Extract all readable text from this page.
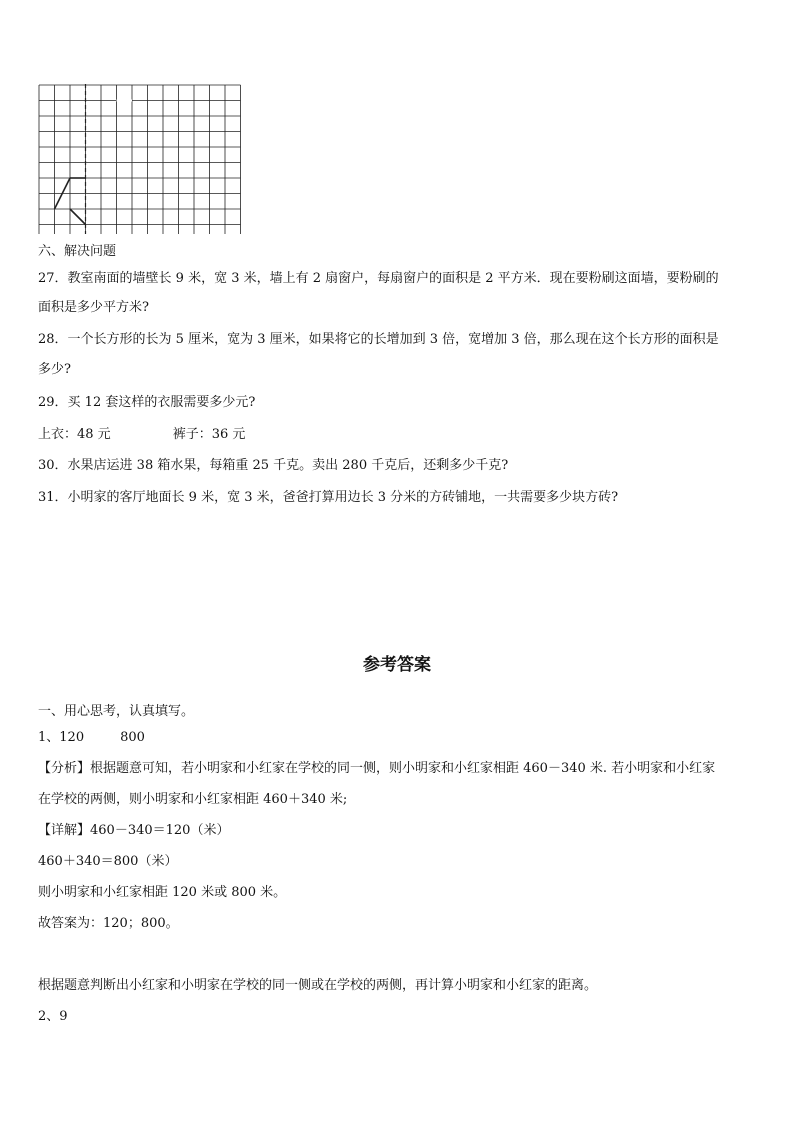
六、解决问题
27．教室南面的墙壁长 9 米，宽 3 米，墙上有 2 扇窗户，每扇窗户的面积是 2 平方米．现在要粉刷这面墙，要粉刷的
面积是多少平方米?
28．一个长方形的长为 5 厘米，宽为 3 厘米，如果将它的长增加到 3 倍，宽增加 3 倍，那么现在这个长方形的面积是
多少?
29．买 12 套这样的衣服需要多少元?
上衣：48 元	裤子：36 元
30．水果店运进 38 箱水果，每箱重 25 千克。卖出 280 千克后，还剩多少千克?
31．小明家的客厅地面长 9 米，宽 3 米，爸爸打算用边长 3 分米的方砖铺地，一共需要多少块方砖?
参考答案
一、用心思考，认真填写。
1、120	800
【分析】根据题意可知，若小明家和小红家在学校的同一侧，则小明家和小红家相距 460－340 米. 若小明家和小红家
在学校的两侧，则小明家和小红家相距 460＋340 米;
【详解】460－340＝120（米）
460＋340＝800（米）
则小明家和小红家相距 120 米或 800 米。
故答案为：120；800。
根据题意判断出小红家和小明家在学校的同一侧或在学校的两侧，再计算小明家和小红家的距离。
2、9
